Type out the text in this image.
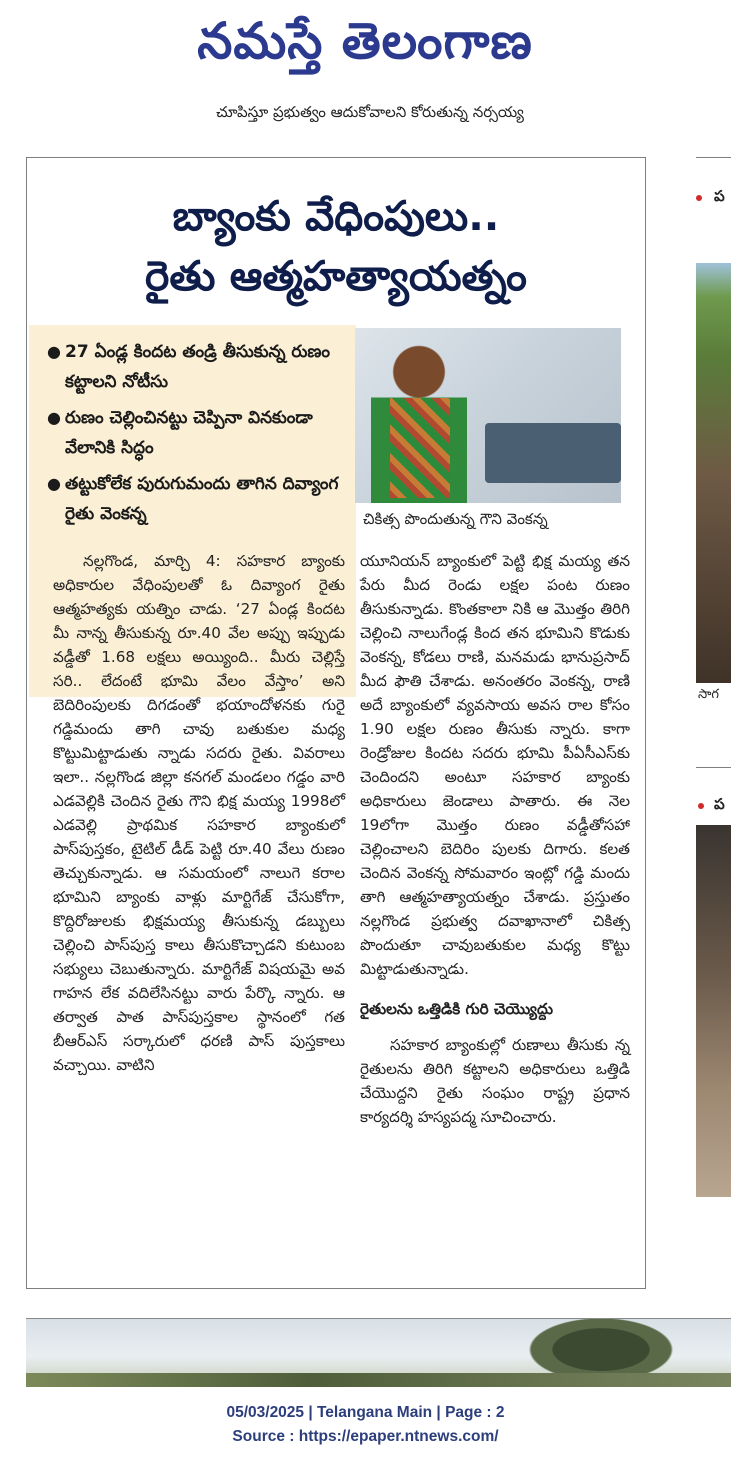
నమస్తే తెలంగాణ
చూపిస్తూ ప్రభుత్వం ఆదుకోవాలని కోరుతున్న నర్సయ్య
బ్యాంకు వేధింపులు..
రైతు ఆత్మహత్యాయత్నం
● 27 ఏండ్ల కిందట తండ్రి తీసుకున్న రుణం కట్టాలని నోటీసు
● రుణం చెల్లించినట్టు చెప్పినా వినకుండా వేలానికి సిద్ధం
● తట్టుకోలేక పురుగుమందు తాగిన దివ్యాంగ రైతు వెంకన్న	చికిత్స పొందుతున్న గౌని వెంకన్న
నల్లగొండ, మార్చి 4: సహకార బ్యాంకు అధికారుల వేధింపులతో ఓ దివ్యాంగ రైతు ఆత్మహత్యకు యత్నిం చాడు. ‘27 ఏండ్ల కిందట మీ నాన్న తీసుకున్న రూ.40 వేల అప్పు ఇప్పుడు వడ్డీతో 1.68 లక్షలు అయ్యింది.. మీరు చెల్లిస్తే సరి.. లేదంటే భూమి వేలం వేస్తాం’ అని బెదిరింపులకు దిగడంతో భయాందోళనకు గురై గడ్డిమందు తాగి చావు బతుకుల మధ్య కొట్టుమిట్టాడుతు న్నాడు సదరు రైతు. వివరాలు ఇలా.. నల్లగొండ జిల్లా కనగల్ మండలం గడ్డం వారి ఎడవెల్లికి చెందిన రైతు గౌని భిక్ష మయ్య 1998లో ఎడవెల్లి ప్రాథమిక సహకార బ్యాంకులో పాస్‌పుస్తకం, టైటిల్ డీడ్ పెట్టి రూ.40 వేలు రుణం తెచ్చుకున్నాడు. ఆ సమయంలో నాలుగె కరాల భూమిని బ్యాంకు వాళ్లు మార్టిగేజ్ చేసుకోగా, కొద్దిరోజులకు భిక్షమయ్య తీసుకున్న డబ్బులు చెల్లించి పాస్‌పుస్త కాలు తీసుకొచ్చాడని కుటుంబ సభ్యులు చెబుతున్నారు. మార్టిగేజ్ విషయమై అవ గాహన లేక వదిలేసినట్టు వారు పేర్కొ న్నారు. ఆ తర్వాత పాత పాస్‌పుస్తకాల స్థానంలో గత బీఆర్‌ఎస్ సర్కారులో ధరణి పాస్ పుస్తకాలు వచ్చాయి. వాటిని
యూనియన్ బ్యాంకులో పెట్టి భిక్ష మయ్య తన పేరు మీద రెండు లక్షల పంట రుణం తీసుకున్నాడు. కొంతకాలా నికి ఆ మొత్తం తిరిగి చెల్లించి నాలుగేండ్ల కింద తన భూమిని కొడుకు వెంకన్న, కోడలు రాణి, మనమడు భానుప్రసాద్ మీద ఫౌతి చేశాడు. అనంతరం వెంకన్న, రాణి అదే బ్యాంకులో వ్యవసాయ అవస రాల కోసం 1.90 లక్షల రుణం తీసుకు న్నారు. కాగా రెండ్రోజుల కిందట సదరు భూమి పీఏసీఎస్‌కు చెందిందని అంటూ సహకార బ్యాంకు అధికారులు జెండాలు పాతారు. ఈ నెల 19లోగా మొత్తం రుణం వడ్డీతోసహా చెల్లించాలని బెదిరిం పులకు దిగారు. కలత చెందిన వెంకన్న సోమవారం ఇంట్లో గడ్డి మందు తాగి ఆత్మహత్యాయత్నం చేశాడు. ప్రస్తుతం నల్లగొండ ప్రభుత్వ దవాఖానాలో చికిత్స పొందుతూ చావుబతుకుల మధ్య కొట్టు మిట్టాడుతున్నాడు.
రైతులను ఒత్తిడికి గురి చెయ్యొద్దు
సహకార బ్యాంకుల్లో రుణాలు తీసుకు న్న రైతులను తిరిగి కట్టాలని అధికారులు ఒత్తిడి చేయొద్దని రైతు సంఘం రాష్ట్ర ప్రధాన కార్యదర్శి హస్యపద్మ సూచించారు.
ప
సాగ
ప
05/03/2025 | Telangana Main | Page : 2
Source : https://epaper.ntnews.com/
